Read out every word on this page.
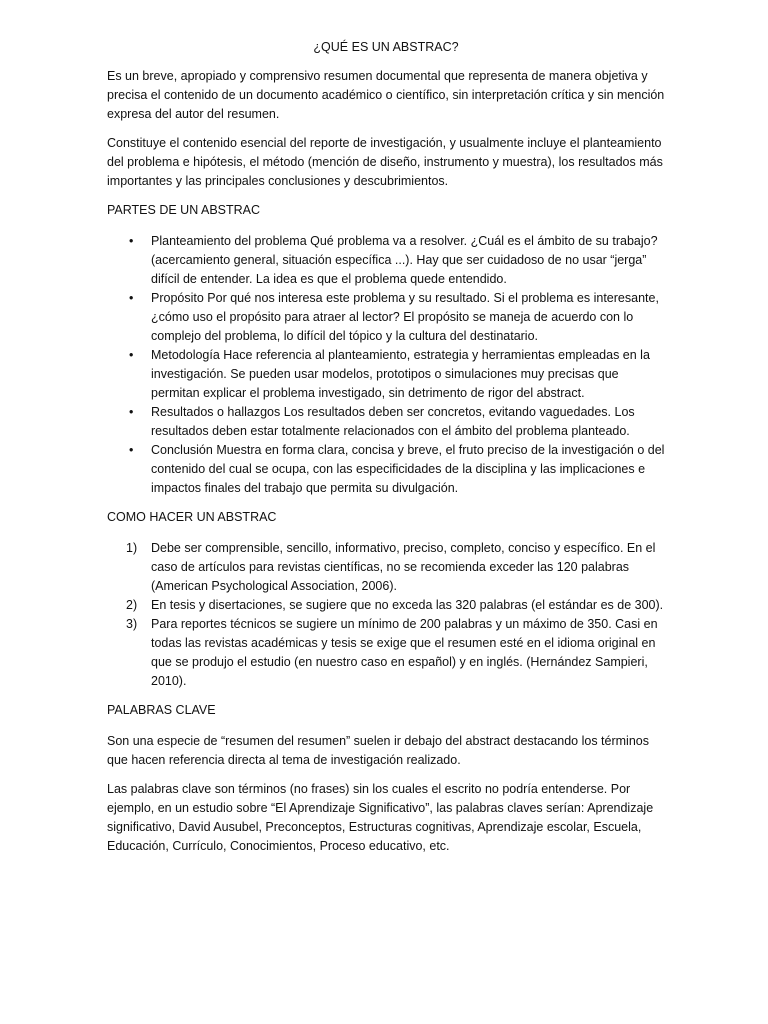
¿QUÉ ES UN ABSTRAC?

Es un breve, apropiado y comprensivo resumen documental que representa de manera objetiva y precisa el contenido de un documento académico o científico, sin interpretación crítica y sin mención expresa del autor del resumen.

Constituye el contenido esencial del reporte de investigación, y usualmente incluye el planteamiento del problema e hipótesis, el método (mención de diseño, instrumento y muestra), los resultados más importantes y las principales conclusiones y descubrimientos.

PARTES DE UN ABSTRAC
• Planteamiento del problema Qué problema va a resolver. ¿Cuál es el ámbito de su trabajo? (acercamiento general, situación específica ...). Hay que ser cuidadoso de no usar “jerga” difícil de entender. La idea es que el problema quede entendido.
• Propósito Por qué nos interesa este problema y su resultado. Si el problema es interesante, ¿cómo uso el propósito para atraer al lector? El propósito se maneja de acuerdo con lo complejo del problema, lo difícil del tópico y la cultura del destinatario.
• Metodología Hace referencia al planteamiento, estrategia y herramientas empleadas en la investigación. Se pueden usar modelos, prototipos o simulaciones muy precisas que permitan explicar el problema investigado, sin detrimento de rigor del abstract.
• Resultados o hallazgos Los resultados deben ser concretos, evitando vaguedades. Los resultados deben estar totalmente relacionados con el ámbito del problema planteado.
• Conclusión Muestra en forma clara, concisa y breve, el fruto preciso de la investigación o del contenido del cual se ocupa, con las especificidades de la disciplina y las implicaciones e impactos finales del trabajo que permita su divulgación.
COMO HACER UN ABSTRAC
1) Debe ser comprensible, sencillo, informativo, preciso, completo, conciso y específico. En el caso de artículos para revistas científicas, no se recomienda exceder las 120 palabras (American Psychological Association, 2006).
2) En tesis y disertaciones, se sugiere que no exceda las 320 palabras (el estándar es de 300).
3) Para reportes técnicos se sugiere un mínimo de 200 palabras y un máximo de 350. Casi en todas las revistas académicas y tesis se exige que el resumen esté en el idioma original en que se produjo el estudio (en nuestro caso en español) y en inglés. (Hernández Sampieri, 2010).
PALABRAS CLAVE

Son una especie de “resumen del resumen” suelen ir debajo del abstract destacando los términos que hacen referencia directa al tema de investigación realizado.

Las palabras clave son términos (no frases) sin los cuales el escrito no podría entenderse. Por ejemplo, en un estudio sobre “El Aprendizaje Significativo”, las palabras claves serían: Aprendizaje significativo, David Ausubel, Preconceptos, Estructuras cognitivas, Aprendizaje escolar, Escuela, Educación, Currículo, Conocimientos, Proceso educativo, etc.
